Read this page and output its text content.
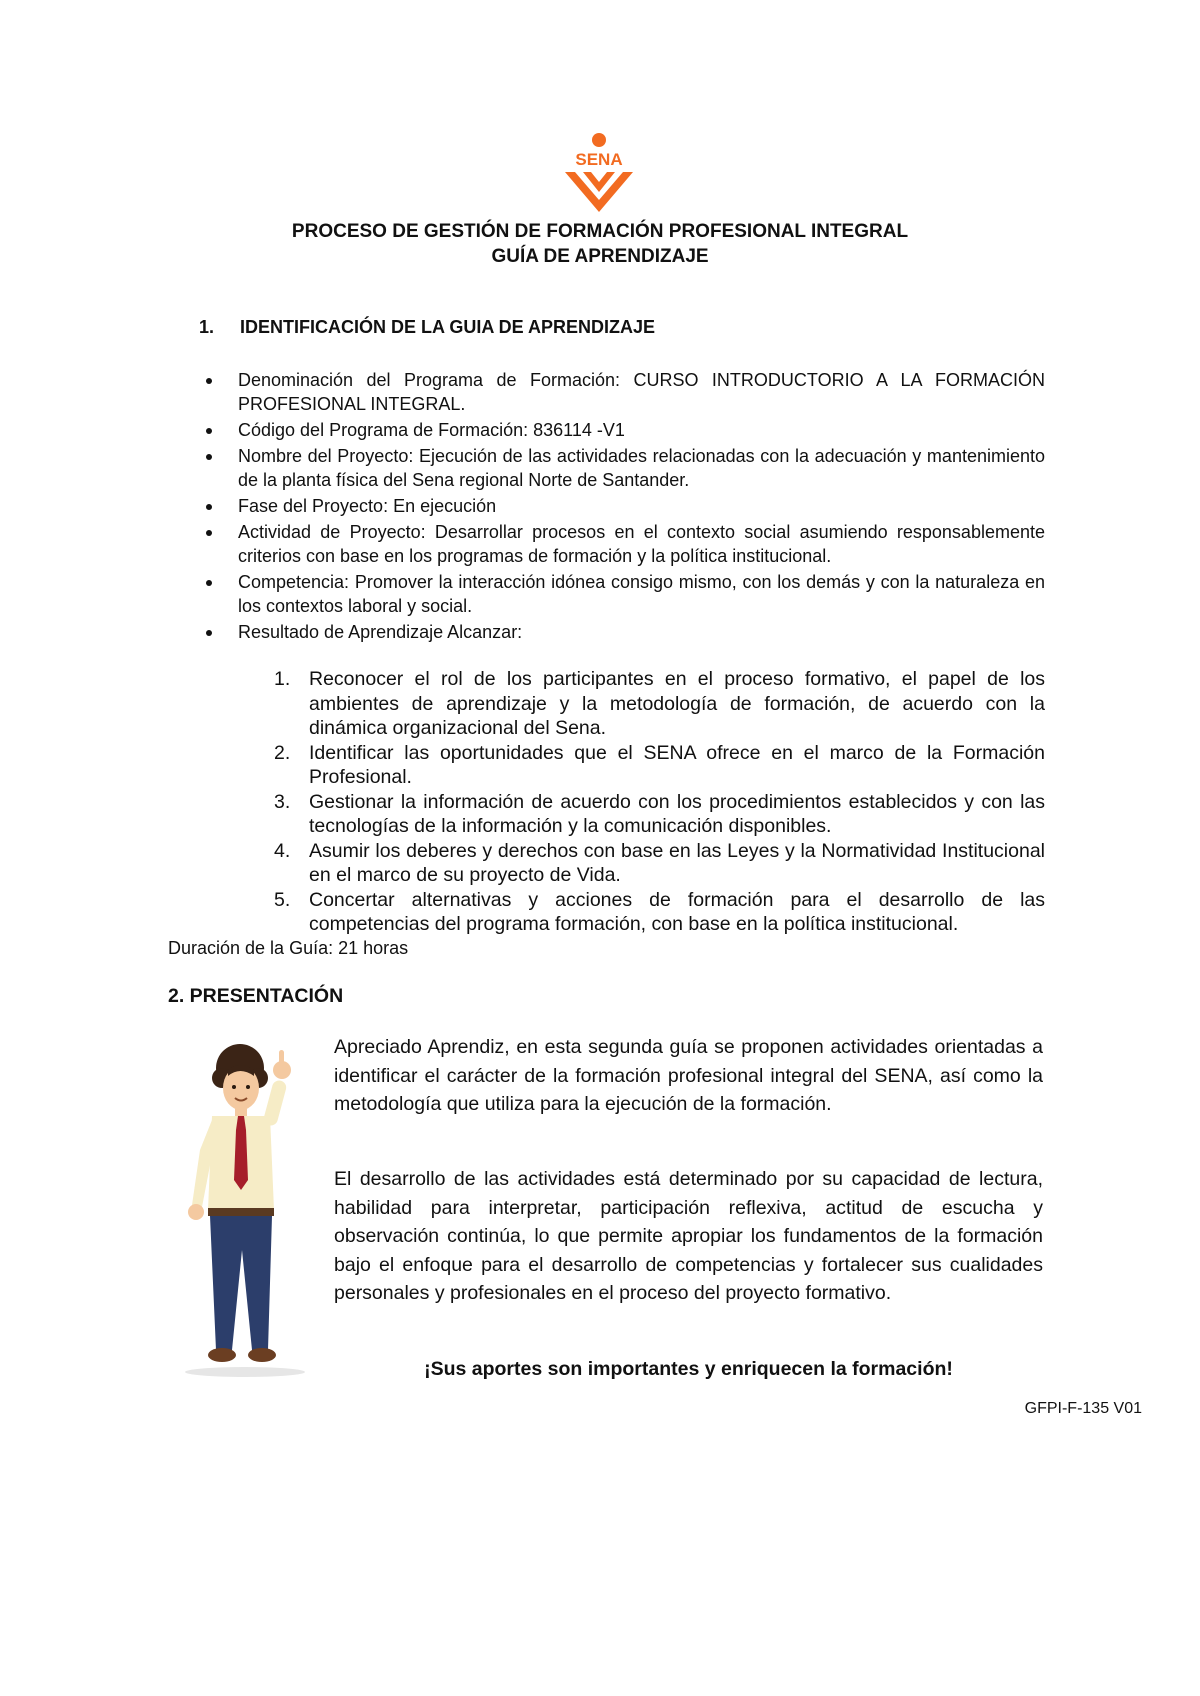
SENA
PROCESO DE GESTIÓN DE FORMACIÓN PROFESIONAL INTEGRAL
GUÍA DE APRENDIZAJE
1. IDENTIFICACIÓN DE LA GUIA DE APRENDIZAJE
Denominación del Programa de Formación: CURSO INTRODUCTORIO A LA FORMACIÓN PROFESIONAL INTEGRAL.
Código del Programa de Formación: 836114 -V1
Nombre del Proyecto: Ejecución de las actividades relacionadas con la adecuación y mantenimiento de la planta física del Sena regional Norte de Santander.
Fase del Proyecto: En ejecución
Actividad de Proyecto: Desarrollar procesos en el contexto social asumiendo responsablemente criterios con base en los programas de formación y la política institucional.
Competencia: Promover la interacción idónea consigo mismo, con los demás y con la naturaleza en los contextos laboral y social.
Resultado de Aprendizaje Alcanzar:
1. Reconocer el rol de los participantes en el proceso formativo, el papel de los ambientes de aprendizaje y la metodología de formación, de acuerdo con la dinámica organizacional del Sena.
2. Identificar las oportunidades que el SENA ofrece en el marco de la Formación Profesional.
3. Gestionar la información de acuerdo con los procedimientos establecidos y con las tecnologías de la información y la comunicación disponibles.
4. Asumir los deberes y derechos con base en las Leyes y la Normatividad Institucional en el marco de su proyecto de Vida.
5. Concertar alternativas y acciones de formación para el desarrollo de las competencias del programa formación, con base en la política institucional.
Duración de la Guía: 21 horas
2. PRESENTACIÓN

Apreciado Aprendiz, en esta segunda guía se proponen actividades orientadas a identificar el carácter de la formación profesional integral del SENA, así como la metodología que utiliza para la ejecución de la formación.

El desarrollo de las actividades está determinado por su capacidad de lectura, habilidad para interpretar, participación reflexiva, actitud de escucha y observación continúa, lo que permite apropiar los fundamentos de la formación bajo el enfoque para el desarrollo de competencias y fortalecer sus cualidades personales y profesionales en el proceso del proyecto formativo.

¡Sus aportes son importantes y enriquecen la formación!
GFPI-F-135 V01
